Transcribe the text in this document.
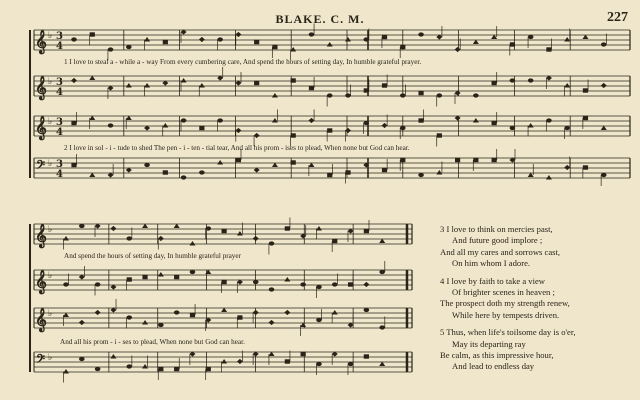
BLAKE. C. M.	227
𝄞 ♭ 3
4
𝄞 ♭ 3
4
𝄞 ♭ 3
4
𝄢 ♭ 3
4
𝄞 ♭
𝄞 ♭
𝄞 ♭
𝄢 ♭
1 I love to steal a - while a - way From every cumbering care, And spend the hours of setting day, In humble grateful prayer.
2 I love in sol - i - tude to shed The pen - i - ten - tial tear, And all his prom - ises to plead, When none but God can hear.
And spend the hours of setting day, In humble grateful prayer
And all his prom - i - ses to plead, When none but God can hear.
3 I love to think on mercies past,
And future good implore ;
And all my cares and sorrows cast,
On him whom I adore.
4 I love by faith to take a view
Of brighter scenes in heaven ;
The prospect doth my strength renew,
While here by tempests driven.
5 Thus, when life's toilsome day is o'er,
May its departing ray
Be calm, as this impressive hour,
And lead to endless day
